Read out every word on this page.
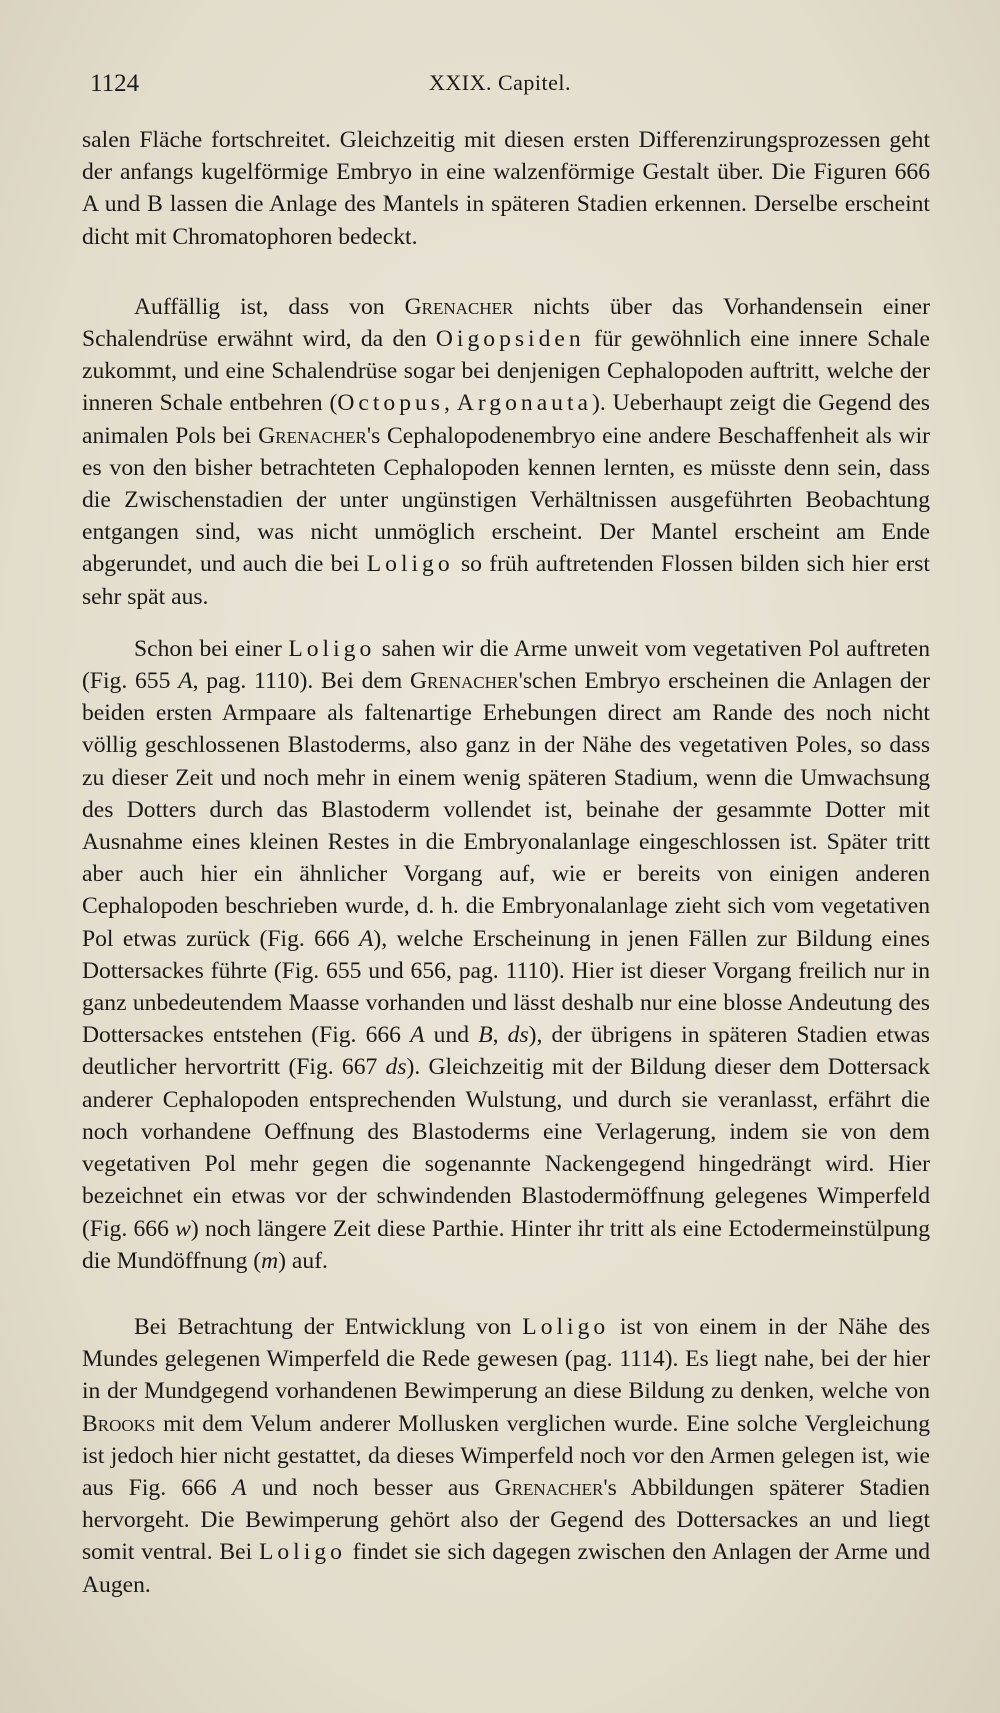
1124	XXIX. Capitel.

salen Fläche fortschreitet. Gleichzeitig mit diesen ersten Differenzirungsprozessen geht der anfangs kugelförmige Embryo in eine walzenförmige Gestalt über. Die Figuren 666 A und B lassen die Anlage des Mantels in späteren Stadien erkennen. Derselbe erscheint dicht mit Chromatophoren bedeckt.

Auffällig ist, dass von Grenacher nichts über das Vorhandensein einer Schalendrüse erwähnt wird, da den Oigopsiden für gewöhnlich eine innere Schale zukommt, und eine Schalendrüse sogar bei denjenigen Cephalopoden auftritt, welche der inneren Schale entbehren (Octopus, Argonauta). Ueberhaupt zeigt die Gegend des animalen Pols bei Grenacher's Cephalopodenembryo eine andere Beschaffenheit als wir es von den bisher betrachteten Cephalopoden kennen lernten, es müsste denn sein, dass die Zwischenstadien der unter ungünstigen Verhältnissen ausgeführten Beobachtung entgangen sind, was nicht unmöglich erscheint. Der Mantel erscheint am Ende abgerundet, und auch die bei Loligo so früh auftretenden Flossen bilden sich hier erst sehr spät aus.

Schon bei einer Loligo sahen wir die Arme unweit vom vegetativen Pol auftreten (Fig. 655 A, pag. 1110). Bei dem Grenacher'schen Embryo erscheinen die Anlagen der beiden ersten Armpaare als faltenartige Erhebungen direct am Rande des noch nicht völlig geschlossenen Blastoderms, also ganz in der Nähe des vegetativen Poles, so dass zu dieser Zeit und noch mehr in einem wenig späteren Stadium, wenn die Umwachsung des Dotters durch das Blastoderm vollendet ist, beinahe der gesammte Dotter mit Ausnahme eines kleinen Restes in die Embryonalanlage eingeschlossen ist. Später tritt aber auch hier ein ähnlicher Vorgang auf, wie er bereits von einigen anderen Cephalopoden beschrieben wurde, d. h. die Embryonalanlage zieht sich vom vegetativen Pol etwas zurück (Fig. 666 A), welche Erscheinung in jenen Fällen zur Bildung eines Dottersackes führte (Fig. 655 und 656, pag. 1110). Hier ist dieser Vorgang freilich nur in ganz unbedeutendem Maasse vorhanden und lässt deshalb nur eine blosse Andeutung des Dottersackes entstehen (Fig. 666 A und B, ds), der übrigens in späteren Stadien etwas deutlicher hervortritt (Fig. 667 ds). Gleichzeitig mit der Bildung dieser dem Dottersack anderer Cephalopoden entsprechenden Wulstung, und durch sie veranlasst, erfährt die noch vorhandene Oeffnung des Blastoderms eine Verlagerung, indem sie von dem vegetativen Pol mehr gegen die sogenannte Nackengegend hingedrängt wird. Hier bezeichnet ein etwas vor der schwindenden Blastodermöffnung gelegenes Wimperfeld (Fig. 666 w) noch längere Zeit diese Parthie. Hinter ihr tritt als eine Ectodermeinstülpung die Mundöffnung (m) auf.

Bei Betrachtung der Entwicklung von Loligo ist von einem in der Nähe des Mundes gelegenen Wimperfeld die Rede gewesen (pag. 1114). Es liegt nahe, bei der hier in der Mundgegend vorhandenen Bewimperung an diese Bildung zu denken, welche von Brooks mit dem Velum anderer Mollusken verglichen wurde. Eine solche Vergleichung ist jedoch hier nicht gestattet, da dieses Wimperfeld noch vor den Armen gelegen ist, wie aus Fig. 666 A und noch besser aus Grenacher's Abbildungen späterer Stadien hervorgeht. Die Bewimperung gehört also der Gegend des Dottersackes an und liegt somit ventral. Bei Loligo findet sie sich dagegen zwischen den Anlagen der Arme und Augen.
